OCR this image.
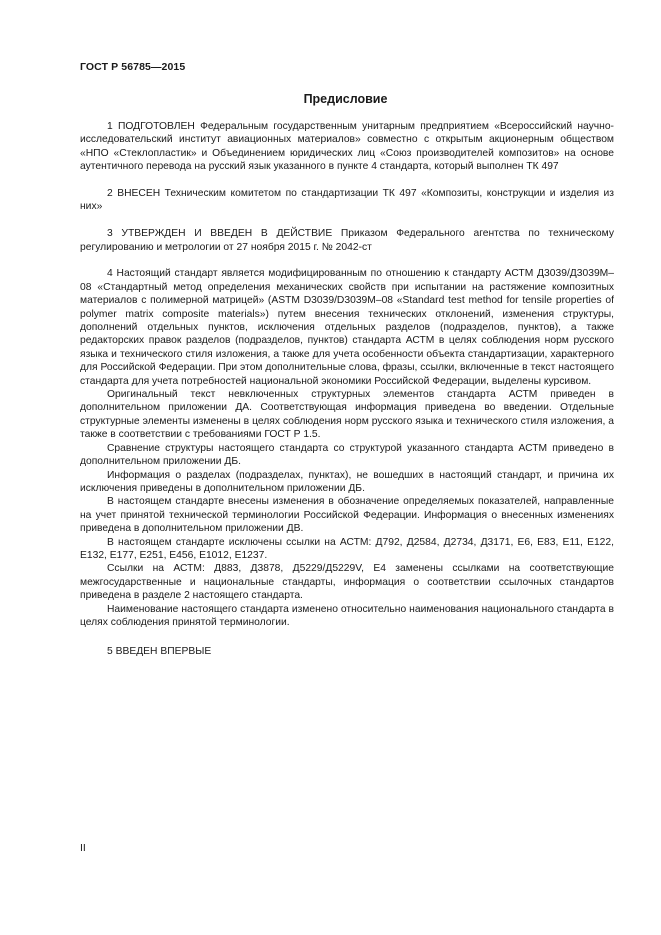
ГОСТ Р 56785—2015
Предисловие

1 ПОДГОТОВЛЕН Федеральным государственным унитарным предприятием «Всероссийский научно-исследовательский институт авиационных материалов» совместно с открытым акционерным обществом «НПО «Стеклопластик» и Объединением юридических лиц «Союз производителей композитов» на основе аутентичного перевода на русский язык указанного в пункте 4 стандарта, который выполнен ТК 497

2 ВНЕСЕН Техническим комитетом по стандартизации ТК 497 «Композиты, конструкции и изделия из них»

3 УТВЕРЖДЕН И ВВЕДЕН В ДЕЙСТВИЕ Приказом Федерального агентства по техническому регулированию и метрологии от 27 ноября 2015 г. № 2042-ст

4 Настоящий стандарт является модифицированным по отношению к стандарту АСТМ Д3039/Д3039М–08 «Стандартный метод определения механических свойств при испытании на растяжение композитных материалов с полимерной матрицей» (ASTM D3039/D3039M–08 «Standard test method for tensile properties of polymer matrix composite materials») путем внесения технических отклонений, изменения структуры, дополнений отдельных пунктов, исключения отдельных разделов (подразделов, пунктов), а также редакторских правок разделов (подразделов, пунктов) стандарта АСТМ в целях соблюдения норм русского языка и технического стиля изложения, а также для учета особенности объекта стандартизации, характерного для Российской Федерации. При этом дополнительные слова, фразы, ссылки, включенные в текст настоящего стандарта для учета потребностей национальной экономики Российской Федерации, выделены курсивом.

Оригинальный текст невключенных структурных элементов стандарта АСТМ приведен в дополнительном приложении ДА. Соответствующая информация приведена во введении. Отдельные структурные элементы изменены в целях соблюдения норм русского языка и технического стиля изложения, а также в соответствии с требованиями ГОСТ Р 1.5.

Сравнение структуры настоящего стандарта со структурой указанного стандарта АСТМ приведено в дополнительном приложении ДБ.

Информация о разделах (подразделах, пунктах), не вошедших в настоящий стандарт, и причина их исключения приведены в дополнительном приложении ДБ.

В настоящем стандарте внесены изменения в обозначение определяемых показателей, направленные на учет принятой технической терминологии Российской Федерации. Информация о внесенных изменениях приведена в дополнительном приложении ДВ.

В настоящем стандарте исключены ссылки на АСТМ: Д792, Д2584, Д2734, Д3171, Е6, Е83, Е11, Е122, Е132, Е177, Е251, Е456, Е1012, Е1237.

Ссылки на АСТМ: Д883, Д3878, Д5229/Д5229V, Е4 заменены ссылками на соответствующие межгосударственные и национальные стандарты, информация о соответствии ссылочных стандартов приведена в разделе 2 настоящего стандарта.

Наименование настоящего стандарта изменено относительно наименования национального стандарта в целях соблюдения принятой терминологии.

5 ВВЕДЕН ВПЕРВЫЕ

II
